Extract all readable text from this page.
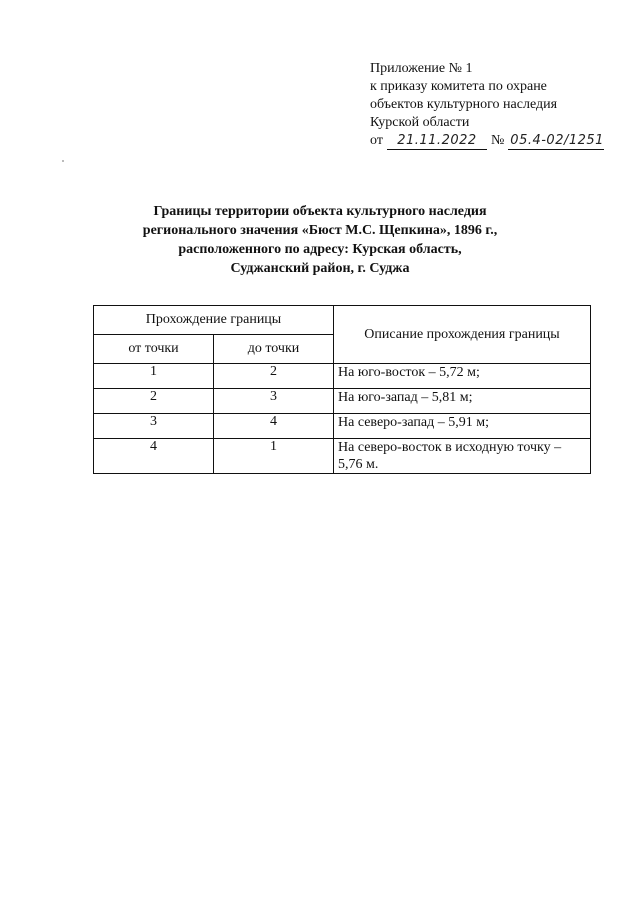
Приложение № 1
к приказу комитета по охране
объектов культурного наследия
Курской области
от	21.11.2022	№ 05.4-02/1251
Границы территории объекта культурного наследия
регионального значения «Бюст М.С. Щепкина», 1896 г.,
расположенного по адресу: Курская область,
Суджанский район, г. Суджа
Прохождение границы		Описание прохождения границы
от точки	до точки	
1	2	На юго-восток – 5,72 м;
2	3	На юго-запад – 5,81 м;
3	4	На северо-запад – 5,91 м;
4	1	На северо-восток в исходную точку – 5,76 м.
